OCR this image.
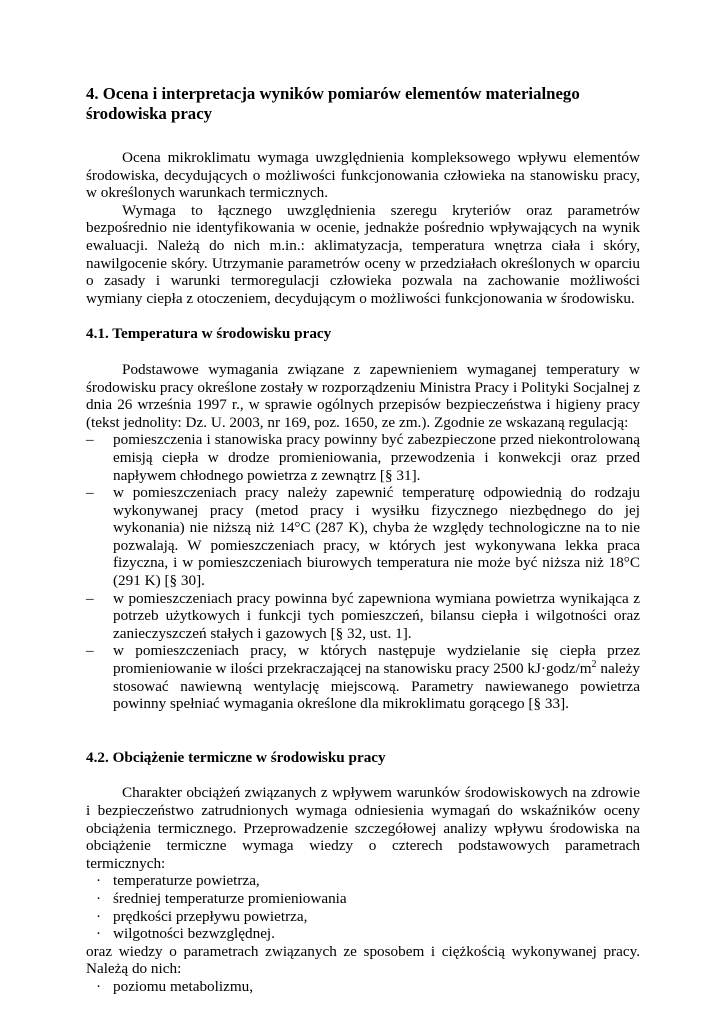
4. Ocena i interpretacja wyników pomiarów elementów materialnego środowiska pracy

Ocena mikroklimatu wymaga uwzględnienia kompleksowego wpływu elementów środowiska, decydujących o możliwości funkcjonowania człowieka na stanowisku pracy, w określonych warunkach termicznych.

Wymaga to łącznego uwzględnienia szeregu kryteriów oraz parametrów bezpośrednio nie identyfikowania w ocenie, jednakże pośrednio wpływających na wynik ewaluacji. Należą do nich m.in.: aklimatyzacja, temperatura wnętrza ciała i skóry, nawilgocenie skóry. Utrzymanie parametrów oceny w przedziałach określonych w oparciu o zasady i warunki termoregulacji człowieka pozwala na zachowanie możliwości wymiany ciepła z otoczeniem, decydującym o możliwości funkcjonowania w środowisku.

4.1. Temperatura w środowisku pracy

Podstawowe wymagania związane z zapewnieniem wymaganej temperatury w środowisku pracy określone zostały w rozporządzeniu Ministra Pracy i Polityki Socjalnej z dnia 26 września 1997 r., w sprawie ogólnych przepisów bezpieczeństwa i higieny pracy (tekst jednolity: Dz. U. 2003, nr 169, poz. 1650, ze zm.). Zgodnie ze wskazaną regulacją:

– pomieszczenia i stanowiska pracy powinny być zabezpieczone przed niekontrolowaną emisją ciepła w drodze promieniowania, przewodzenia i konwekcji oraz przed napływem chłodnego powietrza z zewnątrz [§ 31].
– w pomieszczeniach pracy należy zapewnić temperaturę odpowiednią do rodzaju wykonywanej pracy (metod pracy i wysiłku fizycznego niezbędnego do jej wykonania) nie niższą niż 14°C (287 K), chyba że względy technologiczne na to nie pozwalają. W pomieszczeniach pracy, w których jest wykonywana lekka praca fizyczna, i w pomieszczeniach biurowych temperatura nie może być niższa niż 18°C (291 K) [§ 30].
– w pomieszczeniach pracy powinna być zapewniona wymiana powietrza wynikająca z potrzeb użytkowych i funkcji tych pomieszczeń, bilansu ciepła i wilgotności oraz zanieczyszczeń stałych i gazowych [§ 32, ust. 1].
– w pomieszczeniach pracy, w których następuje wydzielanie się ciepła przez promieniowanie w ilości przekraczającej na stanowisku pracy 2500 $kJ\cdot godz/m^2$ należy stosować nawiewną wentylację miejscową. Parametry nawiewanego powietrza powinny spełniać wymagania określone dla mikroklimatu gorącego [§ 33].
4.2. Obciążenie termiczne w środowisku pracy

Charakter obciążeń związanych z wpływem warunków środowiskowych na zdrowie i bezpieczeństwo zatrudnionych wymaga odniesienia wymagań do wskaźników oceny obciążenia termicznego. Przeprowadzenie szczegółowej analizy wpływu środowiska na obciążenie termiczne wymaga wiedzy o czterech podstawowych parametrach termicznych:

· temperaturze powietrza,
· średniej temperaturze promieniowania
· prędkości przepływu powietrza,
· wilgotności bezwzględnej.

oraz wiedzy o parametrach związanych ze sposobem i ciężkością wykonywanej pracy. Należą do nich:

· poziomu metabolizmu,
